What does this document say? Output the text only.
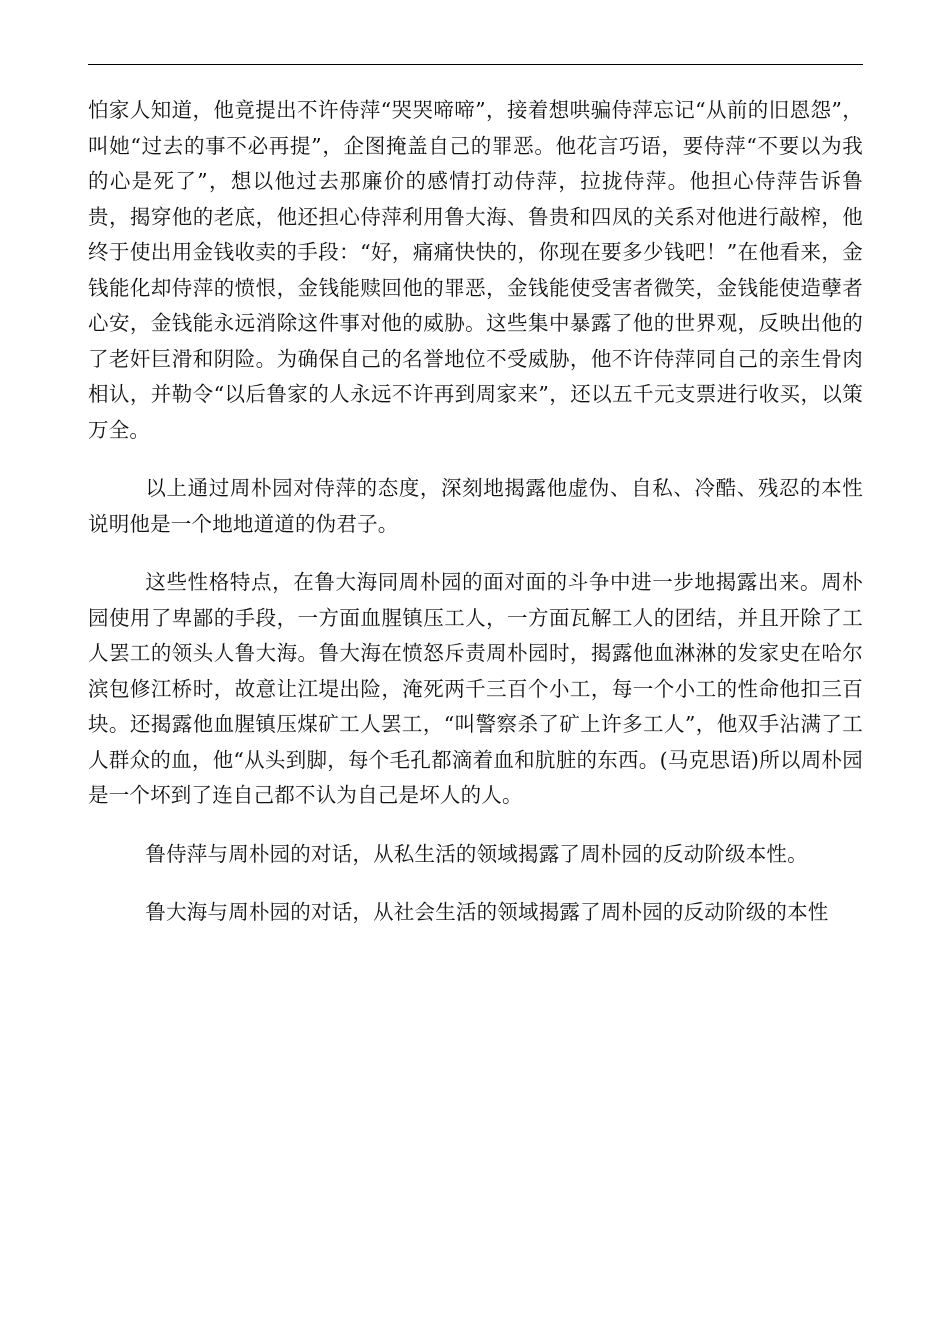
怕家人知道，他竟提出不许侍萍“哭哭啼啼”，接着想哄骗侍萍忘记“从前的旧恩怨”，叫她“过去的事不必再提”，企图掩盖自己的罪恶。他花言巧语，要侍萍“不要以为我的心是死了”，想以他过去那廉价的感情打动侍萍，拉拢侍萍。他担心侍萍告诉鲁贵，揭穿他的老底，他还担心侍萍利用鲁大海、鲁贵和四凤的关系对他进行敲榨，他终于使出用金钱收卖的手段：“好，痛痛快快的，你现在要多少钱吧！”在他看来，金钱能化却侍萍的愤恨，金钱能赎回他的罪恶，金钱能使受害者微笑，金钱能使造孽者心安，金钱能永远消除这件事对他的威胁。这些集中暴露了他的世界观，反映出他的了老奸巨滑和阴险。为确保自己的名誉地位不受威胁，他不许侍萍同自己的亲生骨肉相认，并勒令“以后鲁家的人永远不许再到周家来”，还以五千元支票进行收买，以策万全。

以上通过周朴园对侍萍的态度，深刻地揭露他虚伪、自私、冷酷、残忍的本性说明他是一个地地道道的伪君子。

这些性格特点，在鲁大海同周朴园的面对面的斗争中进一步地揭露出来。周朴园使用了卑鄙的手段，一方面血腥镇压工人，一方面瓦解工人的团结，并且开除了工人罢工的领头人鲁大海。鲁大海在愤怒斥责周朴园时，揭露他血淋淋的发家史在哈尔滨包修江桥时，故意让江堤出险，淹死两千三百个小工，每一个小工的性命他扣三百块。还揭露他血腥镇压煤矿工人罢工，“叫警察杀了矿上许多工人”，他双手沾满了工人群众的血，他“从头到脚，每个毛孔都滴着血和肮脏的东西。(马克思语)所以周朴园是一个坏到了连自己都不认为自己是坏人的人。

鲁侍萍与周朴园的对话，从私生活的领域揭露了周朴园的反动阶级本性。

鲁大海与周朴园的对话，从社会生活的领域揭露了周朴园的反动阶级的本性
